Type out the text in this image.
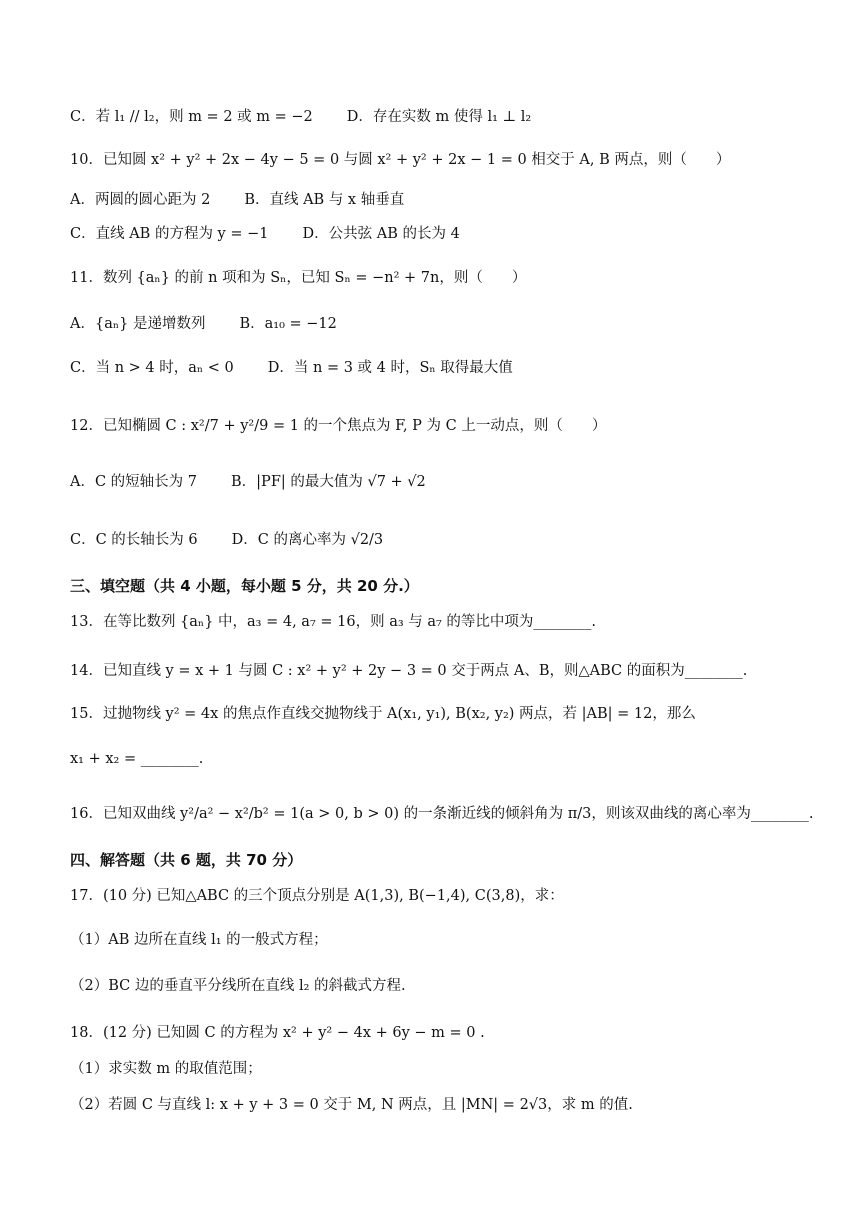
C．若 l₁ // l₂，则 m = 2 或 m = −2 D．存在实数 m 使得 l₁ ⊥ l₂
10．已知圆 x² + y² + 2x − 4y − 5 = 0 与圆 x² + y² + 2x − 1 = 0 相交于 A, B 两点，则（　　）
A．两圆的圆心距为 2 B．直线 AB 与 x 轴垂直
C．直线 AB 的方程为 y = −1 D．公共弦 AB 的长为 4
11．数列 {aₙ} 的前 n 项和为 Sₙ，已知 Sₙ = −n² + 7n，则（　　）
A．{aₙ} 是递增数列 B．a₁₀ = −12
C．当 n > 4 时，aₙ < 0 D．当 n = 3 或 4 时，Sₙ 取得最大值
12．已知椭圆 C : x²/7 + y²/9 = 1 的一个焦点为 F, P 为 C 上一动点，则（　　）
A．C 的短轴长为 7 B．|PF| 的最大值为 √7 + √2
C．C 的长轴长为 6 D．C 的离心率为 √2/3
三、填空题（共 4 小题，每小题 5 分，共 20 分.）
13．在等比数列 {aₙ} 中，a₃ = 4, a₇ = 16，则 a₃ 与 a₇ 的等比中项为________.
14．已知直线 y = x + 1 与圆 C : x² + y² + 2y − 3 = 0 交于两点 A、B，则△ABC 的面积为________.
15．过抛物线 y² = 4x 的焦点作直线交抛物线于 A(x₁, y₁), B(x₂, y₂) 两点，若 |AB| = 12，那么
x₁ + x₂ = ________.
16．已知双曲线 y²/a² − x²/b² = 1(a > 0, b > 0) 的一条渐近线的倾斜角为 π/3，则该双曲线的离心率为________.
四、解答题（共 6 题，共 70 分）
17．(10 分) 已知△ABC 的三个顶点分别是 A(1,3), B(−1,4), C(3,8)，求：
（1）AB 边所在直线 l₁ 的一般式方程；
（2）BC 边的垂直平分线所在直线 l₂ 的斜截式方程.
18．(12 分) 已知圆 C 的方程为 x² + y² − 4x + 6y − m = 0 .
（1）求实数 m 的取值范围；
（2）若圆 C 与直线 l: x + y + 3 = 0 交于 M, N 两点，且 |MN| = 2√3，求 m 的值.
